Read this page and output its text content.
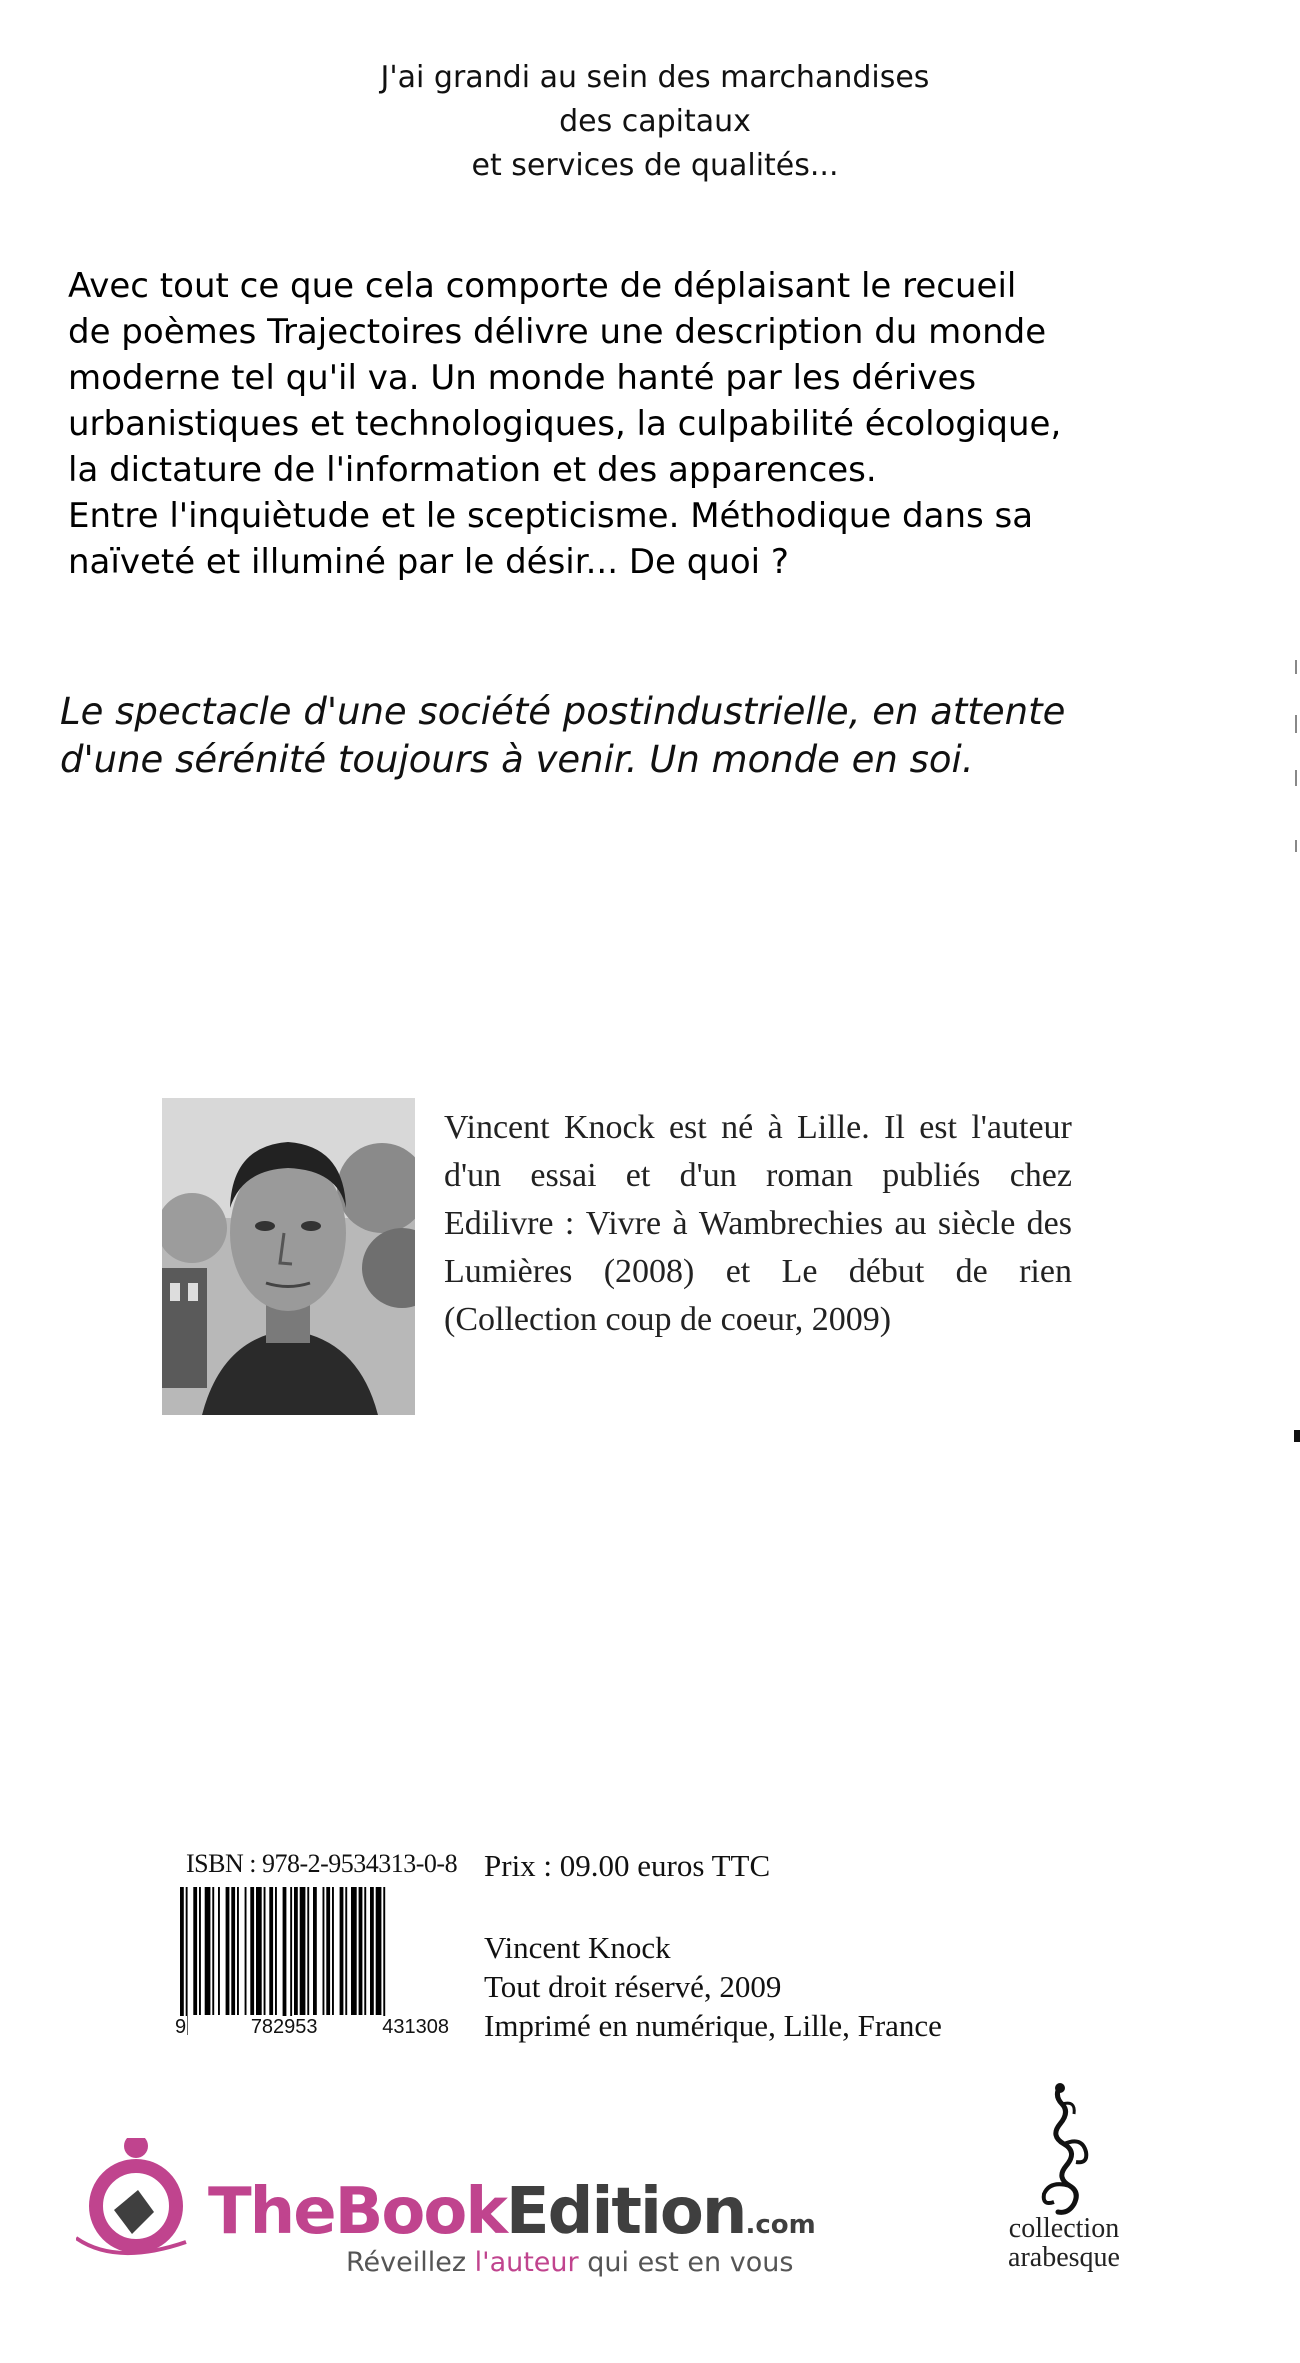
J'ai grandi au sein des marchandises
des capitaux
et services de qualités...
Avec tout ce que cela comporte de déplaisant le recueil
de poèmes Trajectoires délivre une description du monde
moderne tel qu'il va. Un monde hanté par les dérives
urbanistiques et technologiques, la culpabilité écologique,
la dictature de l'information et des apparences.
Entre l'inquiètude et le scepticisme. Méthodique dans sa
naïveté et illuminé par le désir... De quoi ?
Le spectacle d'une société postindustrielle, en attente
d'une sérénité toujours à venir. Un monde en soi.
Vincent Knock est né à Lille. Il est l'auteur
d'un essai et d'un roman publiés chez
Edilivre : Vivre à Wambrechies au siècle des
Lumières (2008) et Le début de rien
(Collection coup de coeur, 2009)
ISBN : 978-2-9534313-0-8
9	782953	431308
Prix : 09.00 euros TTC
Vincent Knock
Tout droit réservé, 2009
Imprimé en numérique, Lille, France
TheBookEdition.com
Réveillez l'auteur qui est en vous
collection
arabesque
